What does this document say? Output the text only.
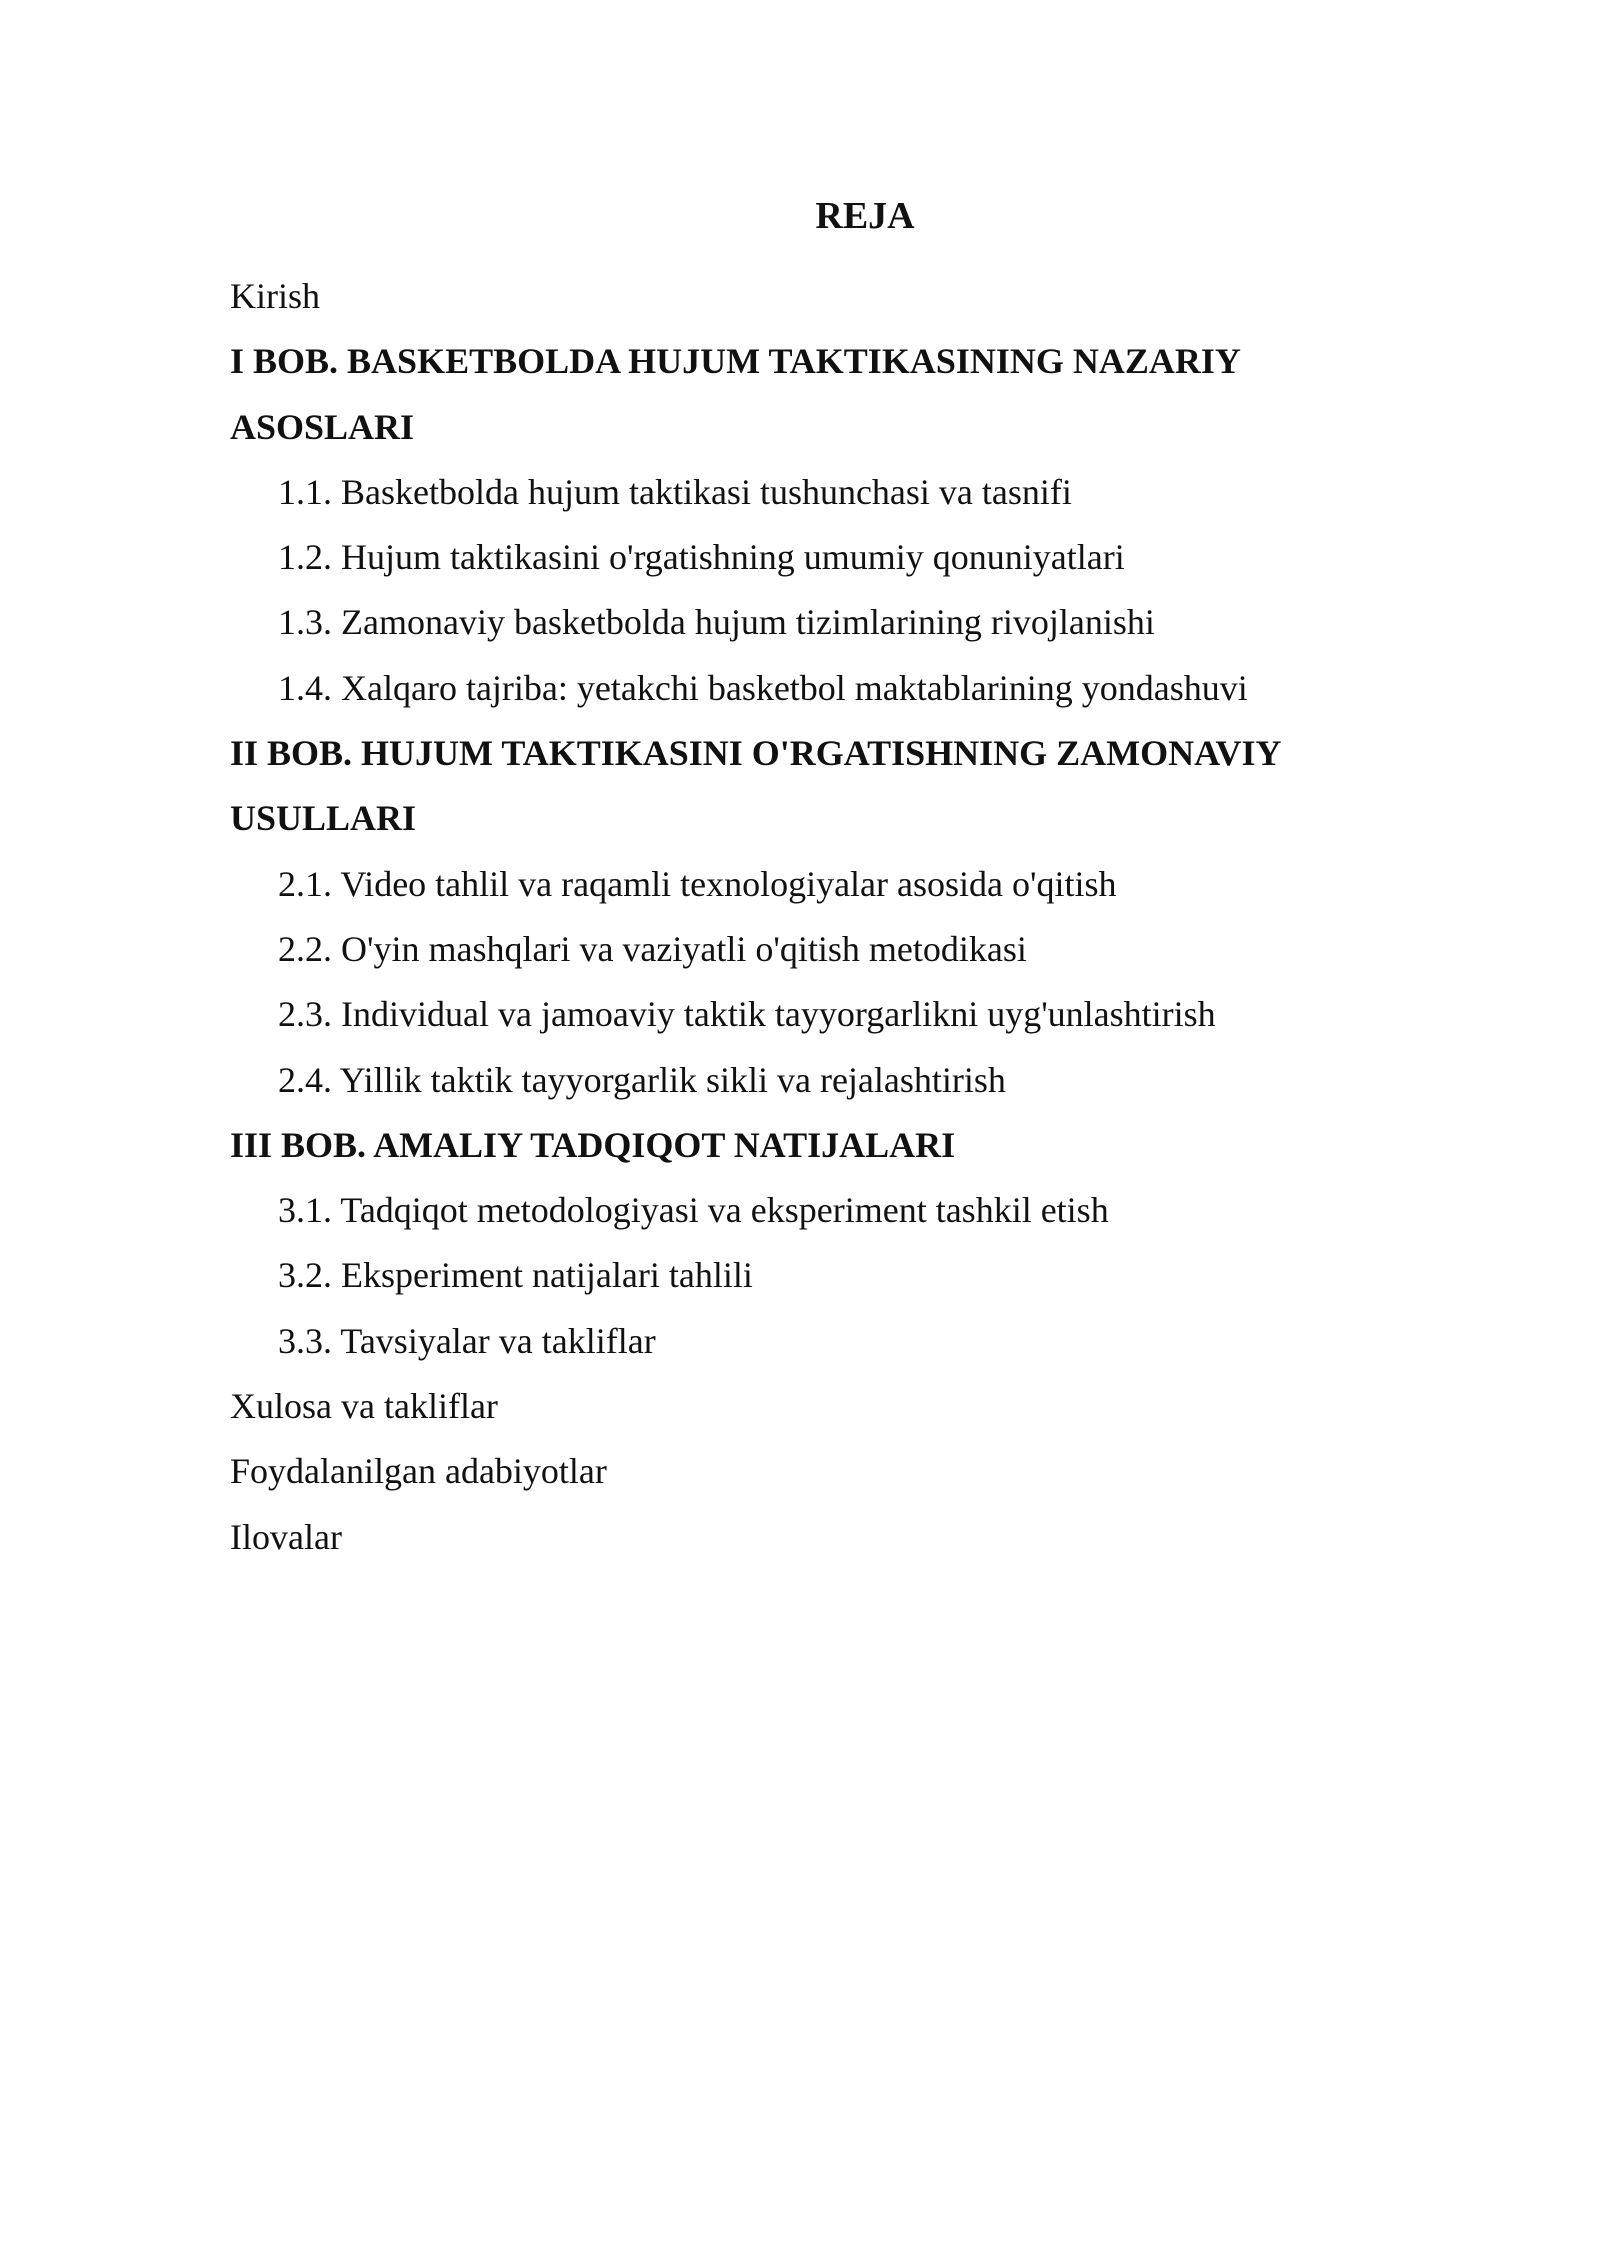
REJA
Kirish
I BOB. BASKETBOLDA HUJUM TAKTIKASINING NAZARIY ASOSLARI
1.1. Basketbolda hujum taktikasi tushunchasi va tasnifi
1.2. Hujum taktikasini o'rgatishning umumiy qonuniyatlari
1.3. Zamonaviy basketbolda hujum tizimlarining rivojlanishi
1.4. Xalqaro tajriba: yetakchi basketbol maktablarining yondashuvi
II BOB. HUJUM TAKTIKASINI O'RGATISHNING ZAMONAVIY USULLARI
2.1. Video tahlil va raqamli texnologiyalar asosida o'qitish
2.2. O'yin mashqlari va vaziyatli o'qitish metodikasi
2.3. Individual va jamoaviy taktik tayyorgarlikni uyg'unlashtirish
2.4. Yillik taktik tayyorgarlik sikli va rejalashtirish
III BOB. AMALIY TADQIQOT NATIJALARI
3.1. Tadqiqot metodologiyasi va eksperiment tashkil etish
3.2. Eksperiment natijalari tahlili
3.3. Tavsiyalar va takliflar
Xulosa va takliflar
Foydalanilgan adabiyotlar
Ilovalar
